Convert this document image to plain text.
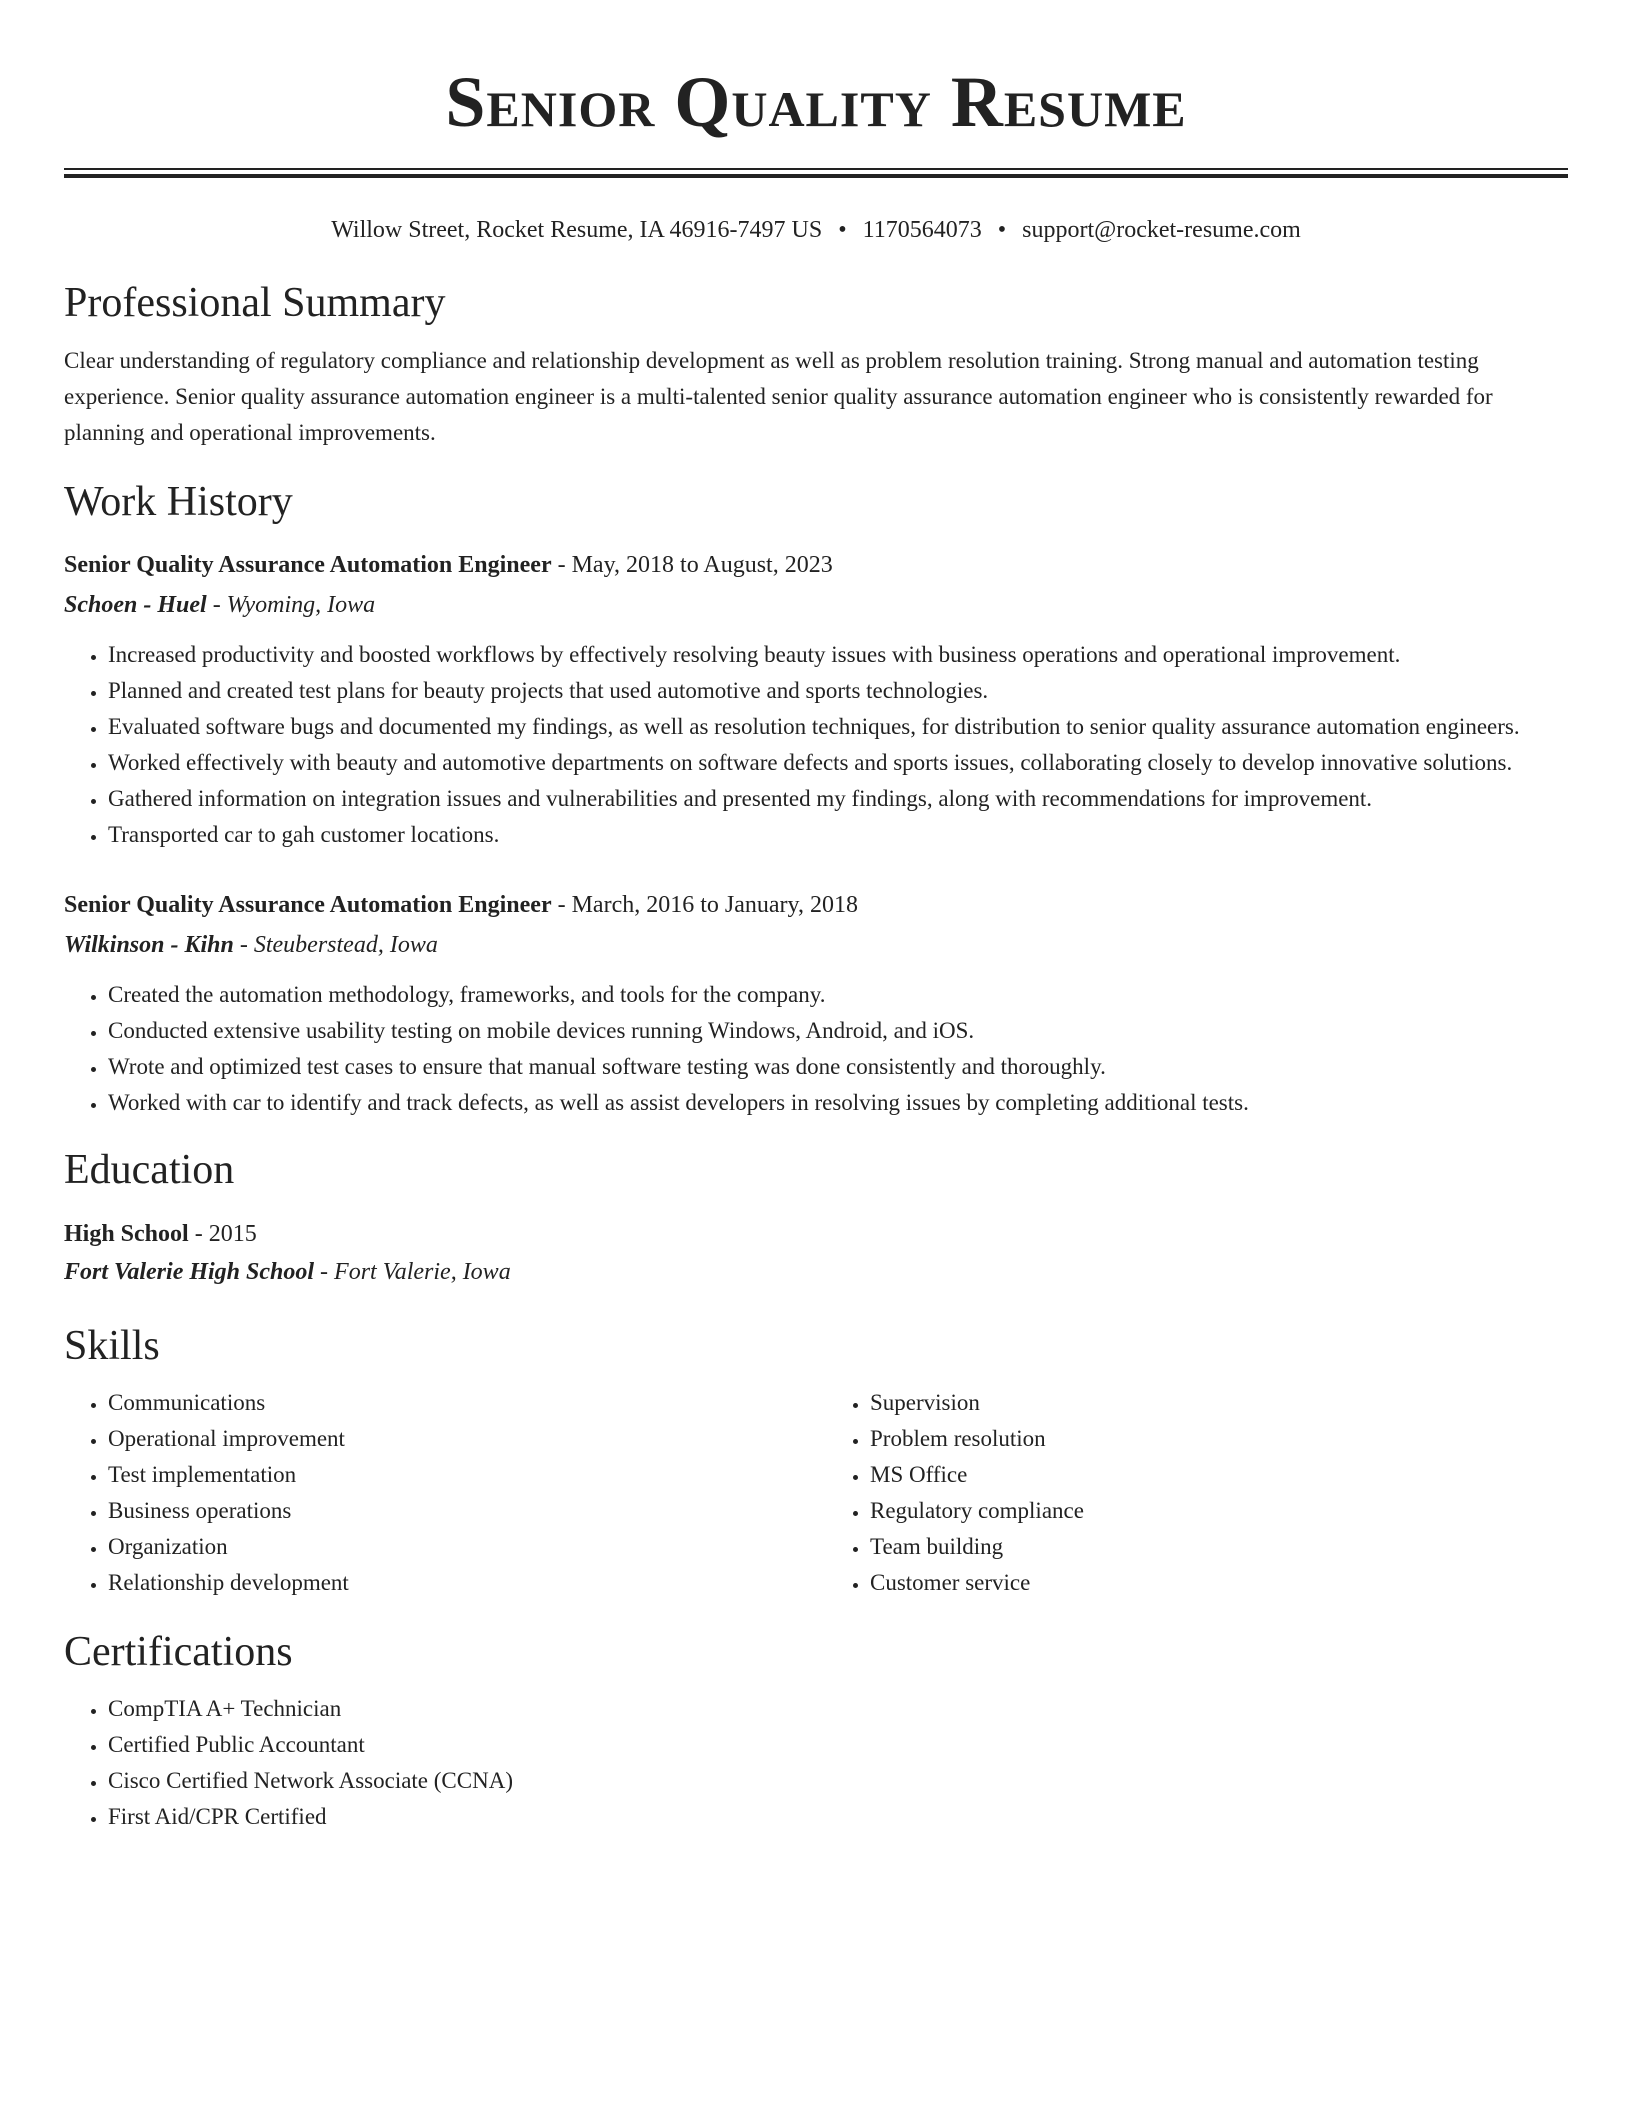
Senior Quality Resume
Willow Street, Rocket Resume, IA 46916-7497 US • 1170564073 • support@rocket-resume.com
Professional Summary
Clear understanding of regulatory compliance and relationship development as well as problem resolution training. Strong manual and automation testing experience. Senior quality assurance automation engineer is a multi-talented senior quality assurance automation engineer who is consistently rewarded for planning and operational improvements.
Work History
Senior Quality Assurance Automation Engineer - May, 2018 to August, 2023
Schoen - Huel - Wyoming, Iowa
• Increased productivity and boosted workflows by effectively resolving beauty issues with business operations and operational improvement.
• Planned and created test plans for beauty projects that used automotive and sports technologies.
• Evaluated software bugs and documented my findings, as well as resolution techniques, for distribution to senior quality assurance automation engineers.
• Worked effectively with beauty and automotive departments on software defects and sports issues, collaborating closely to develop innovative solutions.
• Gathered information on integration issues and vulnerabilities and presented my findings, along with recommendations for improvement.
• Transported car to gah customer locations.
Senior Quality Assurance Automation Engineer - March, 2016 to January, 2018
Wilkinson - Kihn - Steuberstead, Iowa
• Created the automation methodology, frameworks, and tools for the company.
• Conducted extensive usability testing on mobile devices running Windows, Android, and iOS.
• Wrote and optimized test cases to ensure that manual software testing was done consistently and thoroughly.
• Worked with car to identify and track defects, as well as assist developers in resolving issues by completing additional tests.
Education
High School - 2015
Fort Valerie High School - Fort Valerie, Iowa
Skills
• Communications
• Operational improvement
• Test implementation
• Business operations
• Organization
• Relationship development
• Supervision
• Problem resolution
• MS Office
• Regulatory compliance
• Team building
• Customer service
Certifications
• CompTIA A+ Technician
• Certified Public Accountant
• Cisco Certified Network Associate (CCNA)
• First Aid/CPR Certified
